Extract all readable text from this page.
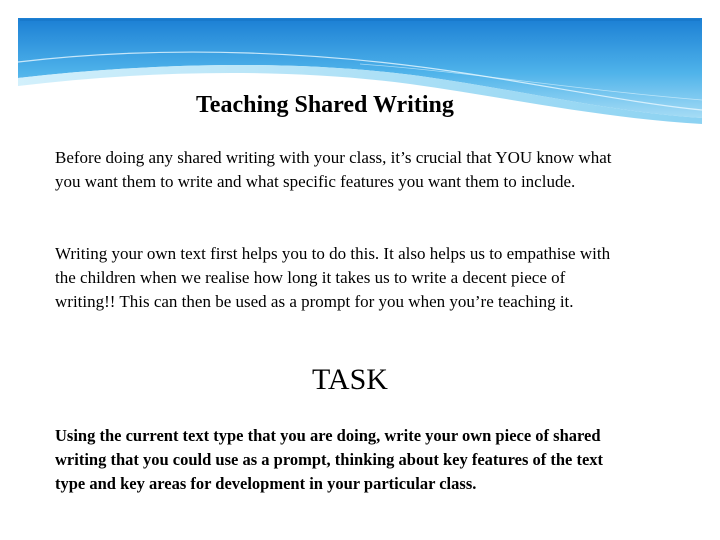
Teaching Shared Writing

Before doing any shared writing with your class, it’s crucial that YOU know what you want them to write and what specific features you want them to include.

Writing your own text first helps you to do this. It also helps us to empathise with the children when we realise how long it takes us to write a decent piece of writing!! This can then be used as a prompt for you when you’re teaching it.

TASK

Using the current text type that you are doing, write your own piece of shared writing that you could use as a prompt, thinking about key features of the text type and key areas for development in your particular class.
